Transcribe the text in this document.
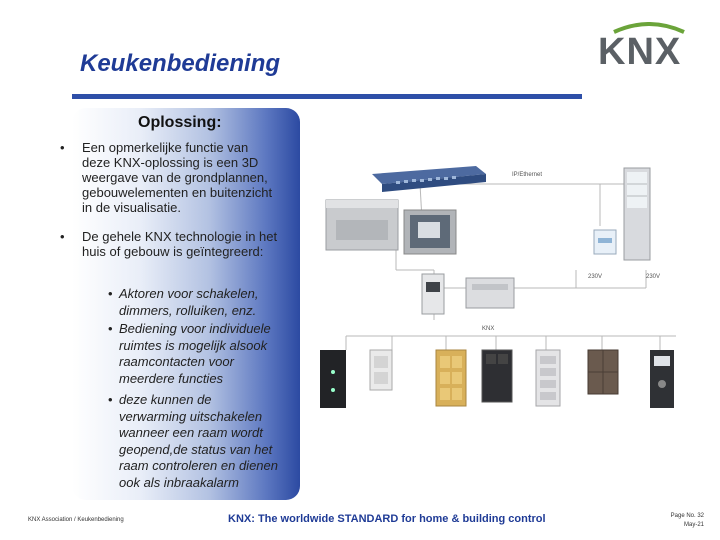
Keukenbediening	KNX
Oplossing:
• Een opmerkelijke functie van
deze KNX-oplossing is een 3D
weergave van de grondplannen,
gebouwelementen en buitenzicht
in de visualisatie.
• De gehele KNX technologie in het
huis of gebouw is geïntegreerd:
• Aktoren voor schakelen,
dimmers, rolluiken, enz.
• Bediening voor individuele
ruimtes is mogelijk alsook
raamcontacten voor
meerdere functies
• deze kunnen de
verwarming uitschakelen
wanneer een raam wordt
geopend,de status van het
raam controleren en dienen
ook als inbraakalarm
IP/Ethernet
230V	230V
KNX
KNX Association / Keukenbediening	KNX: The worldwide STANDARD for home & building control	Page No. 32
May-21
